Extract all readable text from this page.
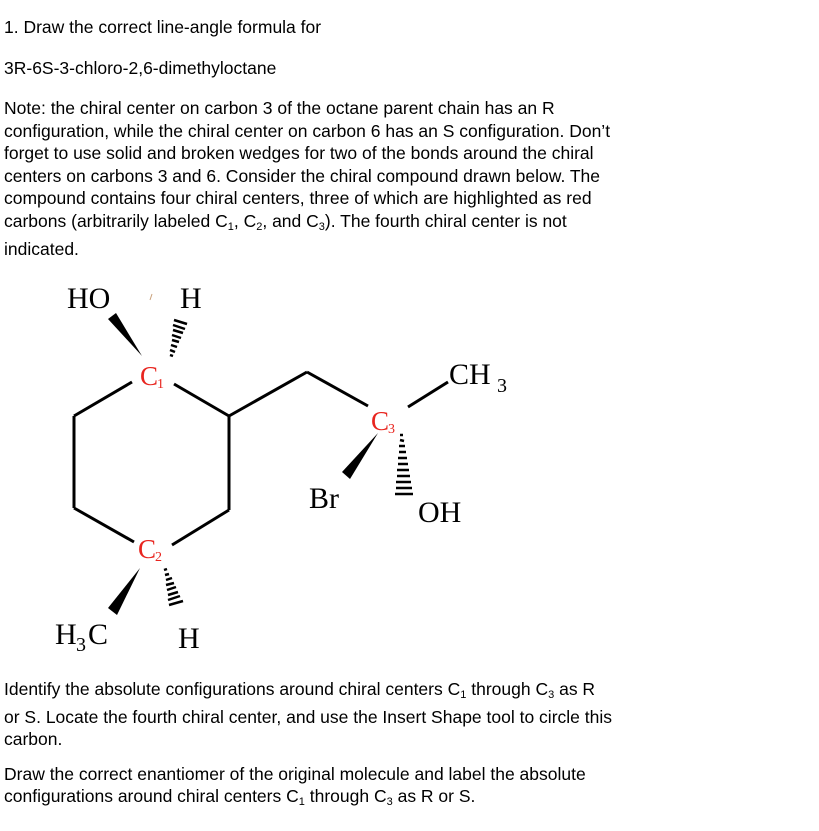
1. Draw the correct line-angle formula for

3R-6S-3-chloro-2,6-dimethyloctane

Note: the chiral center on carbon 3 of the octane parent chain has an R configuration, while the chiral center on carbon 6 has an S configuration. Don’t forget to use solid and broken wedges for two of the bonds around the chiral centers on carbons 3 and 6. Consider the chiral compound drawn below. The compound contains four chiral centers, three of which are highlighted as red carbons (arbitrarily labeled $C_1$, $C_2$, and $C_3$). The fourth chiral center is not indicated.

HO H
C
1
C
2
C
3
CH 3
Br	OH
H 3 C H

Identify the absolute configurations around chiral centers $C_1$ through $C_3$ as R or S. Locate the fourth chiral center, and use the Insert Shape tool to circle this carbon.

Draw the correct enantiomer of the original molecule and label the absolute configurations around chiral centers $C_1$ through $C_3$ as R or S.
